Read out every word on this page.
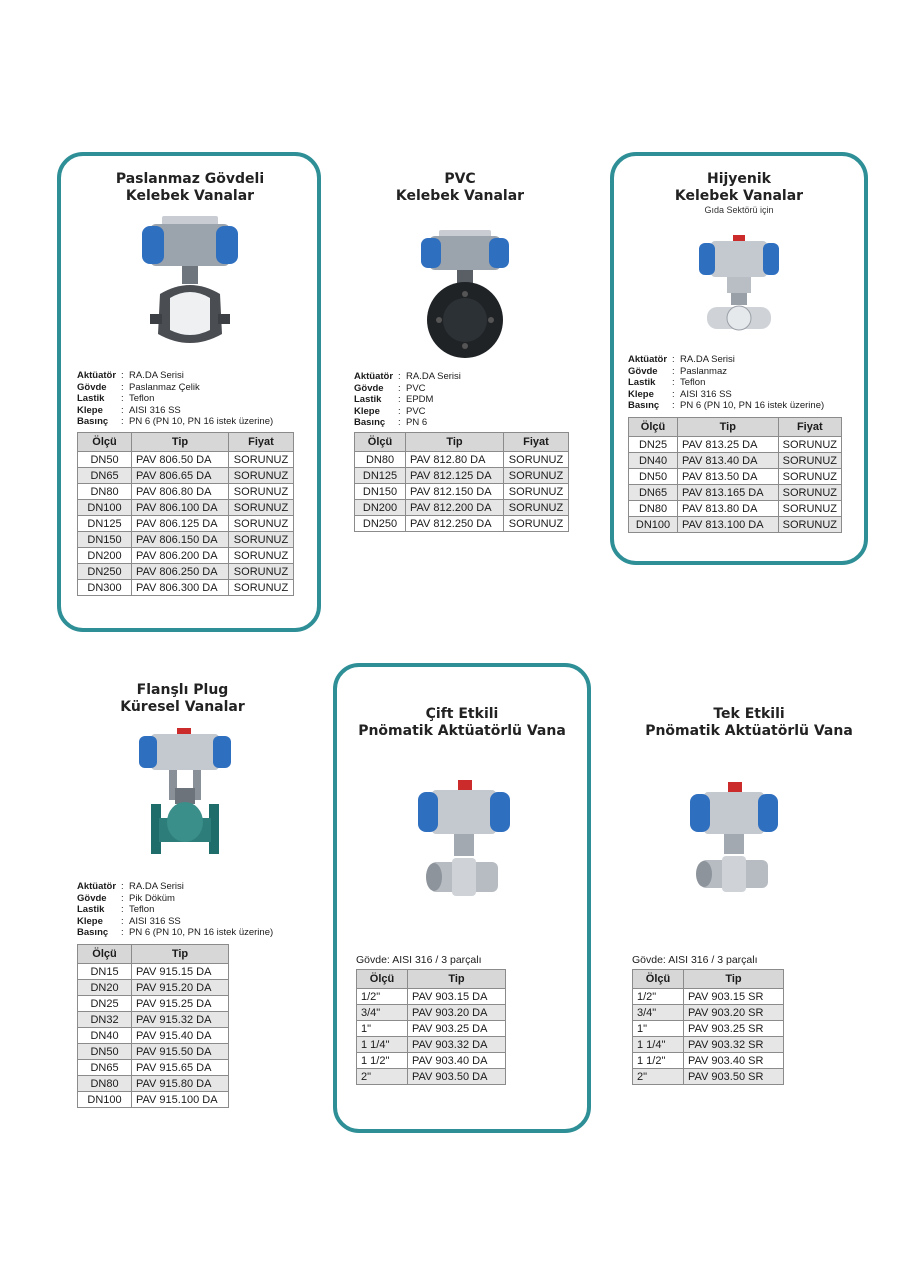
Paslanmaz Gövdeli
Kelebek Vanalar
Aktüatör : RA.DA Serisi
Gövde	: Paslanmaz Çelik
Lastik	: Teflon
Klepe	: AISI 316 SS
Basınç	: PN 6 (PN 10, PN 16 istek üzerine)
Ölçü	Tip	Fiyat
DN50	PAV 806.50 DA	SORUNUZ
DN65	PAV 806.65 DA	SORUNUZ
DN80	PAV 806.80 DA	SORUNUZ
DN100	PAV 806.100 DA	SORUNUZ
DN125	PAV 806.125 DA	SORUNUZ
DN150	PAV 806.150 DA	SORUNUZ
DN200	PAV 806.200 DA	SORUNUZ
DN250	PAV 806.250 DA	SORUNUZ
DN300	PAV 806.300 DA	SORUNUZ
PVC
Kelebek Vanalar
Aktüatör : RA.DA Serisi
Gövde	: PVC
Lastik	: EPDM
Klepe	: PVC
Basınç	: PN 6
Ölçü	Tip	Fiyat
DN80	PAV 812.80 DA	SORUNUZ
DN125	PAV 812.125 DA	SORUNUZ
DN150	PAV 812.150 DA	SORUNUZ
DN200	PAV 812.200 DA	SORUNUZ
DN250	PAV 812.250 DA	SORUNUZ
Hijyenik
Kelebek Vanalar
Gıda Sektörü için
Aktüatör : RA.DA Serisi
Gövde	: Paslanmaz
Lastik	: Teflon
Klepe	: AISI 316 SS
Basınç	: PN 6 (PN 10, PN 16 istek üzerine)
Ölçü	Tip	Fiyat
DN25	PAV 813.25 DA	SORUNUZ
DN40	PAV 813.40 DA	SORUNUZ
DN50	PAV 813.50 DA	SORUNUZ
DN65	PAV 813.165 DA	SORUNUZ
DN80	PAV 813.80 DA	SORUNUZ
DN100	PAV 813.100 DA	SORUNUZ
Flanşlı Plug
Küresel Vanalar
Aktüatör : RA.DA Serisi
Gövde	: Pik Döküm
Lastik	: Teflon
Klepe	: AISI 316 SS
Basınç	: PN 6 (PN 10, PN 16 istek üzerine)
Ölçü	Tip
DN15	PAV 915.15 DA
DN20	PAV 915.20 DA
DN25	PAV 915.25 DA
DN32	PAV 915.32 DA
DN40	PAV 915.40 DA
DN50	PAV 915.50 DA
DN65	PAV 915.65 DA
DN80	PAV 915.80 DA
DN100	PAV 915.100 DA
Çift Etkili
Pnömatik Aktüatörlü Vana
Gövde: AISI 316 / 3 parçalı
Ölçü	Tip
1/2"	PAV 903.15 DA
3/4"	PAV 903.20 DA
1"	PAV 903.25 DA
1 1/4"	PAV 903.32 DA
1 1/2"	PAV 903.40 DA
2"	PAV 903.50 DA
Tek Etkili
Pnömatik Aktüatörlü Vana
Gövde: AISI 316 / 3 parçalı
Ölçü	Tip
1/2"	PAV 903.15 SR
3/4"	PAV 903.20 SR
1"	PAV 903.25 SR
1 1/4"	PAV 903.32 SR
1 1/2"	PAV 903.40 SR
2"	PAV 903.50 SR
